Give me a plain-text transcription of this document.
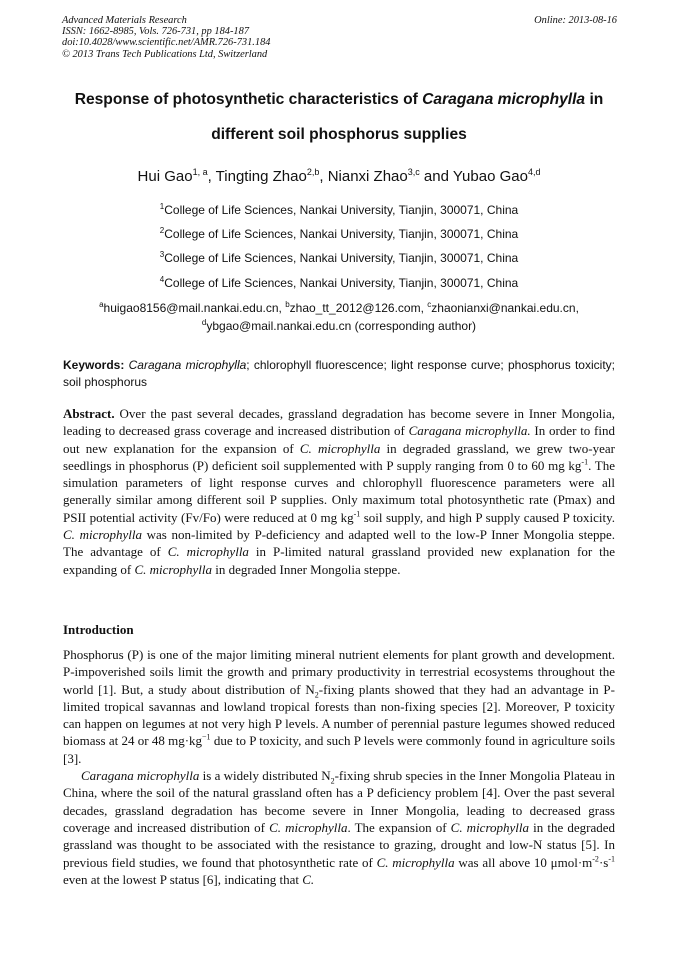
Advanced Materials Research
ISSN: 1662-8985, Vols. 726-731, pp 184-187
doi:10.4028/www.scientific.net/AMR.726-731.184
© 2013 Trans Tech Publications Ltd, Switzerland
Online: 2013-08-16
Response of photosynthetic characteristics of Caragana microphylla in
different soil phosphorus supplies
Hui Gao$^{1, a}$, Tingting Zhao$^{2,b}$, Nianxi Zhao$^{3,c}$ and Yubao Gao$^{4,d}$
$^1$College of Life Sciences, Nankai University, Tianjin, 300071, China
$^2$College of Life Sciences, Nankai University, Tianjin, 300071, China
$^3$College of Life Sciences, Nankai University, Tianjin, 300071, China
$^4$College of Life Sciences, Nankai University, Tianjin, 300071, China
$^a$huigao8156@mail.nankai.edu.cn, $^b$zhao_tt_2012@126.com, $^c$zhaonianxi@nankai.edu.cn,
$^d$ybgao@mail.nankai.edu.cn (corresponding author)
Keywords: Caragana microphylla; chlorophyll fluorescence; light response curve; phosphorus toxicity; soil phosphorus
Abstract. Over the past several decades, grassland degradation has become severe in Inner Mongolia, leading to decreased grass coverage and increased distribution of Caragana microphylla. In order to find out new explanation for the expansion of C. microphylla in degraded grassland, we grew two-year seedlings in phosphorus (P) deficient soil supplemented with P supply ranging from 0 to 60 mg $kg^{-1}$. The simulation parameters of light response curves and chlorophyll fluorescence parameters were all generally similar among different soil P supplies. Only maximum total photosynthetic rate (Pmax) and PSII potential activity (Fv/Fo) were reduced at 0 mg $kg^{-1}$ soil supply, and high P supply caused P toxicity. C. microphylla was non-limited by P-deficiency and adapted well to the low-P Inner Mongolia steppe. The advantage of C. microphylla in P-limited natural grassland provided new explanation for the expanding of C. microphylla in degraded Inner Mongolia steppe.
Introduction

Phosphorus (P) is one of the major limiting mineral nutrient elements for plant growth and development. P-impoverished soils limit the growth and primary productivity in terrestrial ecosystems throughout the world [1]. But, a study about distribution of $N_2$-fixing plants showed that they had an advantage in P-limited tropical savannas and lowland tropical forests than non-fixing species [2]. Moreover, P toxicity can happen on legumes at not very high P levels. A number of perennial pasture legumes showed reduced biomass at 24 or 48 $mg\cdot kg^{-1}$ due to P toxicity, and such P levels were commonly found in agriculture soils [3].

Caragana microphylla is a widely distributed $N_2$-fixing shrub species in the Inner Mongolia Plateau in China, where the soil of the natural grassland often has a P deficiency problem [4]. Over the past several decades, grassland degradation has become severe in Inner Mongolia, leading to decreased grass coverage and increased distribution of C. microphylla. The expansion of C. microphylla in the degraded grassland was thought to be associated with the resistance to grazing, drought and low-N status [5]. In previous field studies, we found that photosynthetic rate of C. microphylla was all above 10 $\mu mol\cdot m^{-2}\cdot s^{-1}$ even at the lowest P status [6], indicating that C.
